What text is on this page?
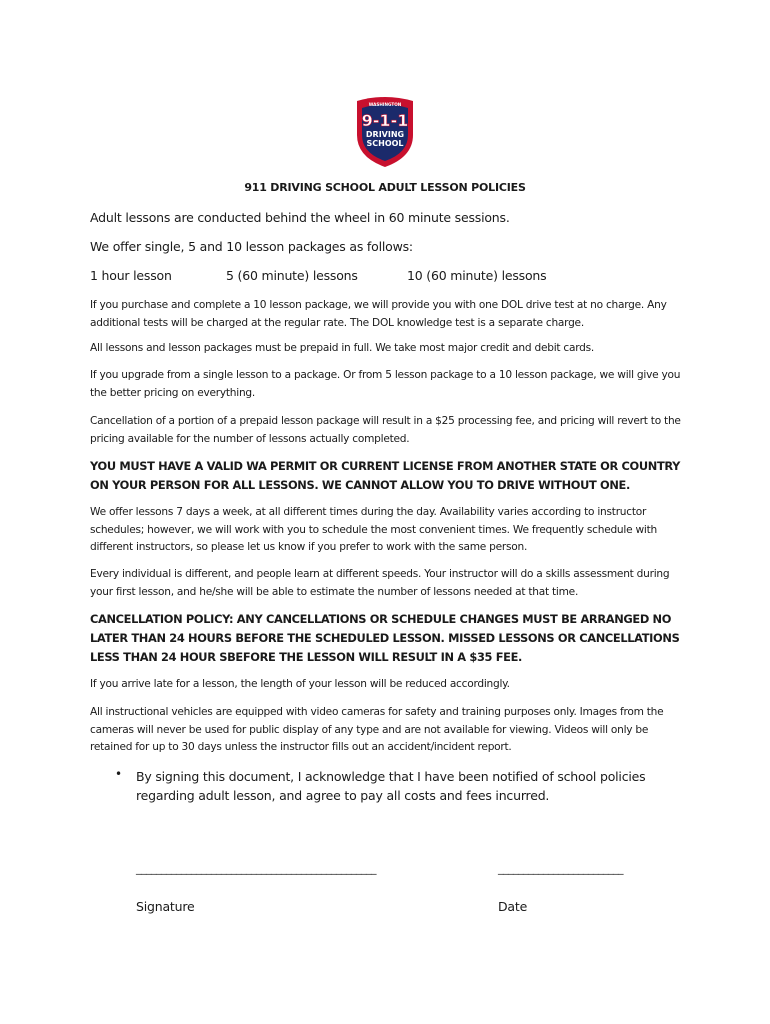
WASHINGTON
9-1-1
DRIVING
SCHOOL
911 DRIVING SCHOOL ADULT LESSON POLICIES
Adult lessons are conducted behind the wheel in 60 minute sessions.
We offer single, 5 and 10 lesson packages as follows:
1 hour lesson	5 (60 minute) lessons	10 (60 minute) lessons
If you purchase and complete a 10 lesson package, we will provide you with one DOL drive test at no charge. Any additional tests will be charged at the regular rate. The DOL knowledge test is a separate charge.
All lessons and lesson packages must be prepaid in full. We take most major credit and debit cards.
If you upgrade from a single lesson to a package. Or from 5 lesson package to a 10 lesson package, we will give you the better pricing on everything.
Cancellation of a portion of a prepaid lesson package will result in a $25 processing fee, and pricing will revert to the pricing available for the number of lessons actually completed.
YOU MUST HAVE A VALID WA PERMIT OR CURRENT LICENSE FROM ANOTHER STATE OR COUNTRY ON YOUR PERSON FOR ALL LESSONS. WE CANNOT ALLOW YOU TO DRIVE WITHOUT ONE.
We offer lessons 7 days a week, at all different times during the day. Availability varies according to instructor schedules; however, we will work with you to schedule the most convenient times. We frequently schedule with different instructors, so please let us know if you prefer to work with the same person.
Every individual is different, and people learn at different speeds. Your instructor will do a skills assessment during your first lesson, and he/she will be able to estimate the number of lessons needed at that time.
CANCELLATION POLICY: ANY CANCELLATIONS OR SCHEDULE CHANGES MUST BE ARRANGED NO LATER THAN 24 HOURS BEFORE THE SCHEDULED LESSON. MISSED LESSONS OR CANCELLATIONS LESS THAN 24 HOUR SBEFORE THE LESSON WILL RESULT IN A $35 FEE.
If you arrive late for a lesson, the length of your lesson will be reduced accordingly.
All instructional vehicles are equipped with video cameras for safety and training purposes only. Images from the cameras will never be used for public display of any type and are not available for viewing. Videos will only be retained for up to 30 days unless the instructor fills out an accident/incident report.
• By signing this document, I acknowledge that I have been notified of school policies regarding adult lesson, and agree to pay all costs and fees incurred.
________________________________________________	_________________________
Signature	Date
